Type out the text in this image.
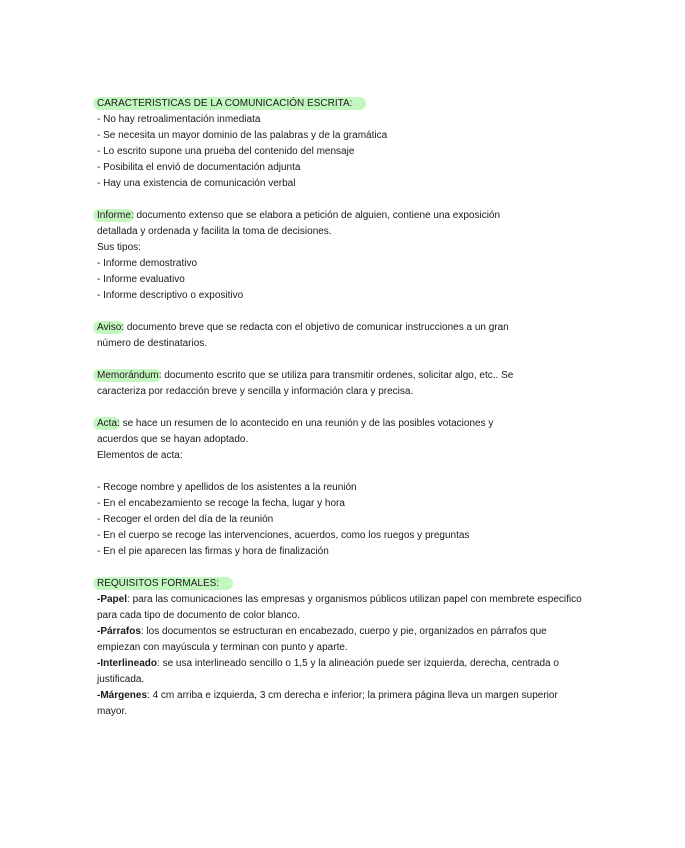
CARACTERISTICAS DE LA COMUNICACIÓN ESCRITA:
- No hay retroalimentación inmediata
- Se necesita un mayor dominio de las palabras y de la gramática
- Lo escrito supone una prueba del contenido del mensaje
- Posibilita el envió de documentación adjunta
- Hay una existencia de comunicación verbal
Informe: documento extenso que se elabora a petición de alguien, contiene una exposición
detallada y ordenada y facilita la toma de decisiones.
Sus tipos:
- Informe demostrativo
- Informe evaluativo
- Informe descriptivo o expositivo
Aviso: documento breve que se redacta con el objetivo de comunicar instrucciones a un gran
número de destinatarios.
Memorándum: documento escrito que se utiliza para transmitir ordenes, solicitar algo, etc.. Se
caracteriza por redacción breve y sencilla y información clara y precisa.
Acta: se hace un resumen de lo acontecido en una reunión y de las posibles votaciones y
acuerdos que se hayan adoptado.
Elementos de acta:
- Recoge nombre y apellidos de los asistentes a la reunión
- En el encabezamiento se recoge la fecha, lugar y hora
- Recoger el orden del día de la reunión
- En el cuerpo se recoge las intervenciones, acuerdos, como los ruegos y preguntas
- En el pie aparecen las firmas y hora de finalización
REQUISITOS FORMALES:
-Papel: para las comunicaciones las empresas y organismos públicos utilizan papel con membrete especifico
para cada tipo de documento de color blanco.
-Párrafos: los documentos se estructuran en encabezado, cuerpo y pie, organizados en párrafos que
empiezan con mayúscula y terminan con punto y aparte.
-Interlineado: se usa interlineado sencillo o 1,5 y la alineación puede ser izquierda, derecha, centrada o
justificada.
-Márgenes: 4 cm arriba e izquierda, 3 cm derecha e inferior; la primera página lleva un margen superior
mayor.
